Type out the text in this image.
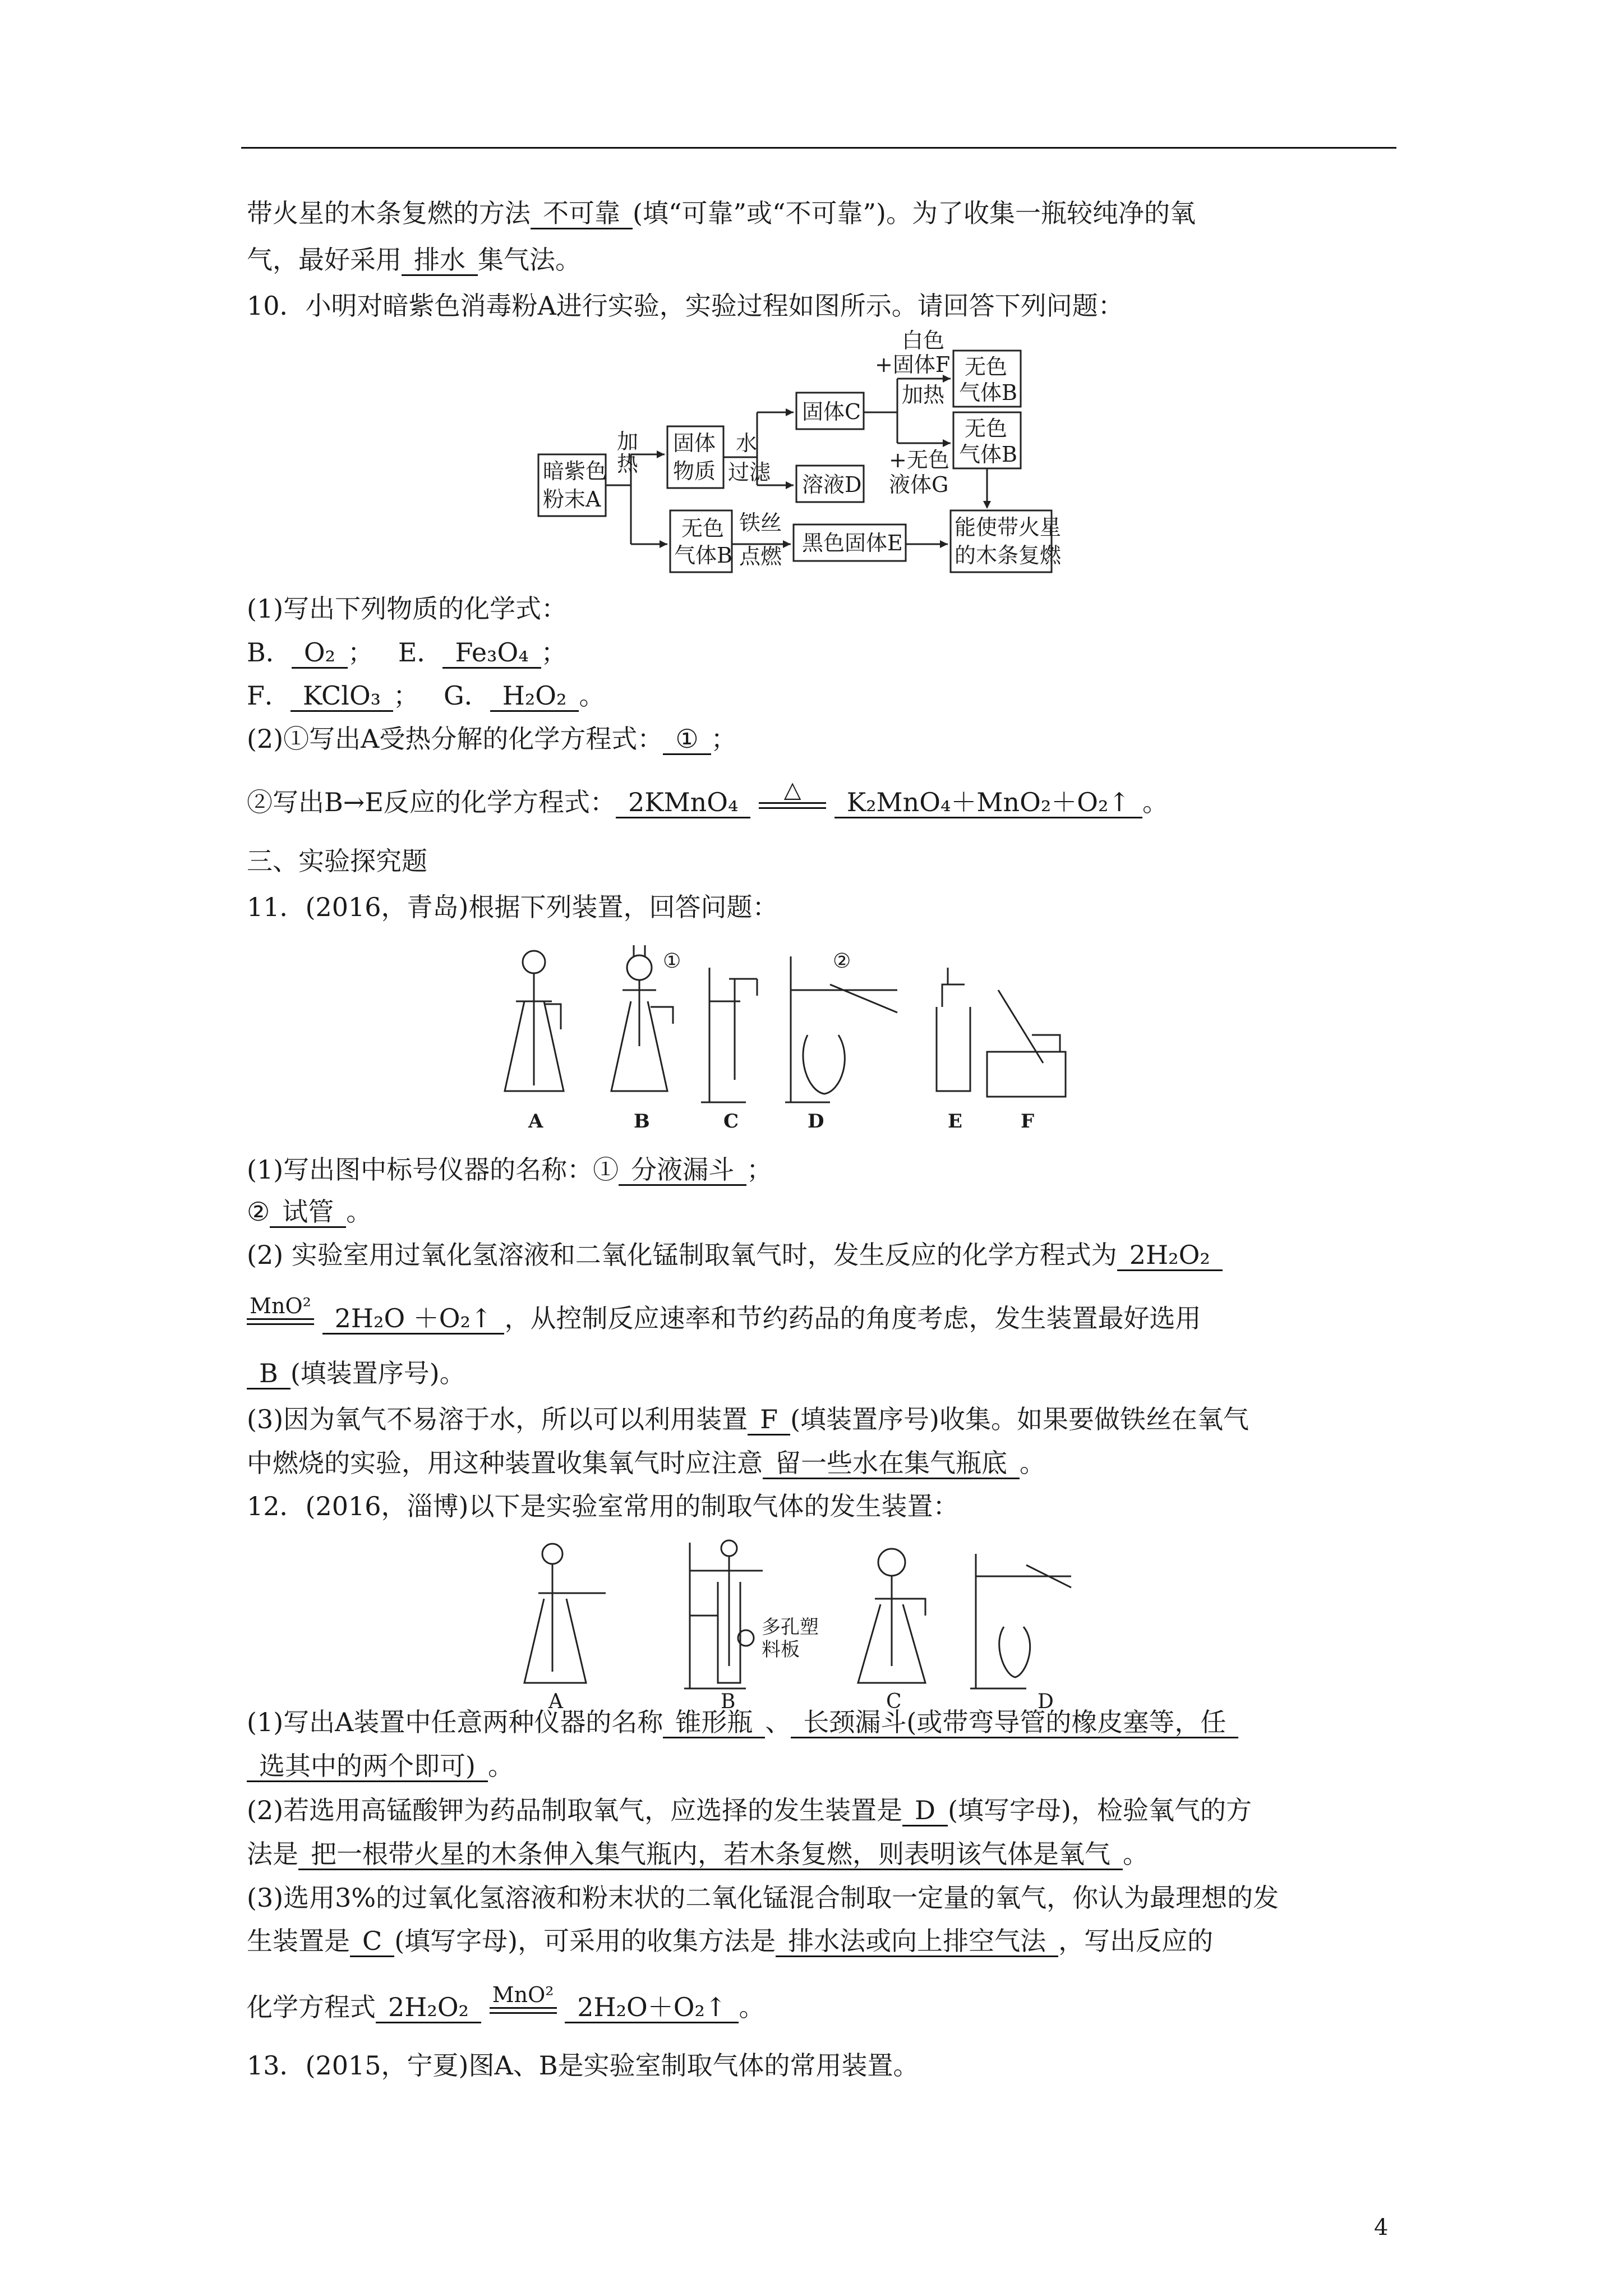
带火星的木条复燃的方法 不可靠 (填“可靠”或“不可靠”)。为了收集一瓶较纯净的氧
气，最好采用 排水 集气法。
10．小明对暗紫色消毒粉A进行实验，实验过程如图所示。请回答下列问题：
暗紫色
粉末A
加
热
固体
物质
水
过滤
固体C
溶液D
白色
+固体F
加热
无色
气体B
无色
气体B
+无色
液体G
无色
气体B
铁丝
点燃
黑色固体E
能使带火星
的木条复燃
(1)写出下列物质的化学式：
B． O₂ ； E． Fe₃O₄ ；
F． KClO₃ ； G． H₂O₂ 。
(2)①写出A受热分解的化学方程式： ① ；
②写出B→E反应的化学方程式： 2KMnO₄	△	K₂MnO₄＋MnO₂＋O₂↑ 。
三、实验探究题
11．(2016，青岛)根据下列装置，回答问题：
①	②
A	B	C	D	E	F
(1)写出图中标号仪器的名称：① 分液漏斗 ；
② 试管 。
(2) 实验室用过氧化氢溶液和二氧化锰制取氧气时，发生反应的化学方程式为 2H₂O₂
MnO² 2H₂O ＋O₂↑ ，从控制反应速率和节约药品的角度考虑，发生装置最好选用
B (填装置序号)。
(3)因为氧气不易溶于水，所以可以利用装置 F (填装置序号)收集。如果要做铁丝在氧气
中燃烧的实验，用这种装置收集氧气时应注意 留一些水在集气瓶底 。
12．(2016，淄博)以下是实验室常用的制取气体的发生装置：
多孔塑
料板
A	B	C	D
(1)写出A装置中任意两种仪器的名称 锥形瓶 、 长颈漏斗(或带弯导管的橡皮塞等，任
选其中的两个即可) 。
(2)若选用高锰酸钾为药品制取氧气，应选择的发生装置是 D (填写字母)，检验氧气的方
法是 把一根带火星的木条伸入集气瓶内，若木条复燃，则表明该气体是氧气 。
(3)选用3%的过氧化氢溶液和粉末状的二氧化锰混合制取一定量的氧气，你认为最理想的发
生装置是 C (填写字母)，可采用的收集方法是 排水法或向上排空气法 ，写出反应的
化学方程式 2H₂O₂ MnO² 2H₂O＋O₂↑ 。
13．(2015，宁夏)图A、B是实验室制取气体的常用装置。
4
